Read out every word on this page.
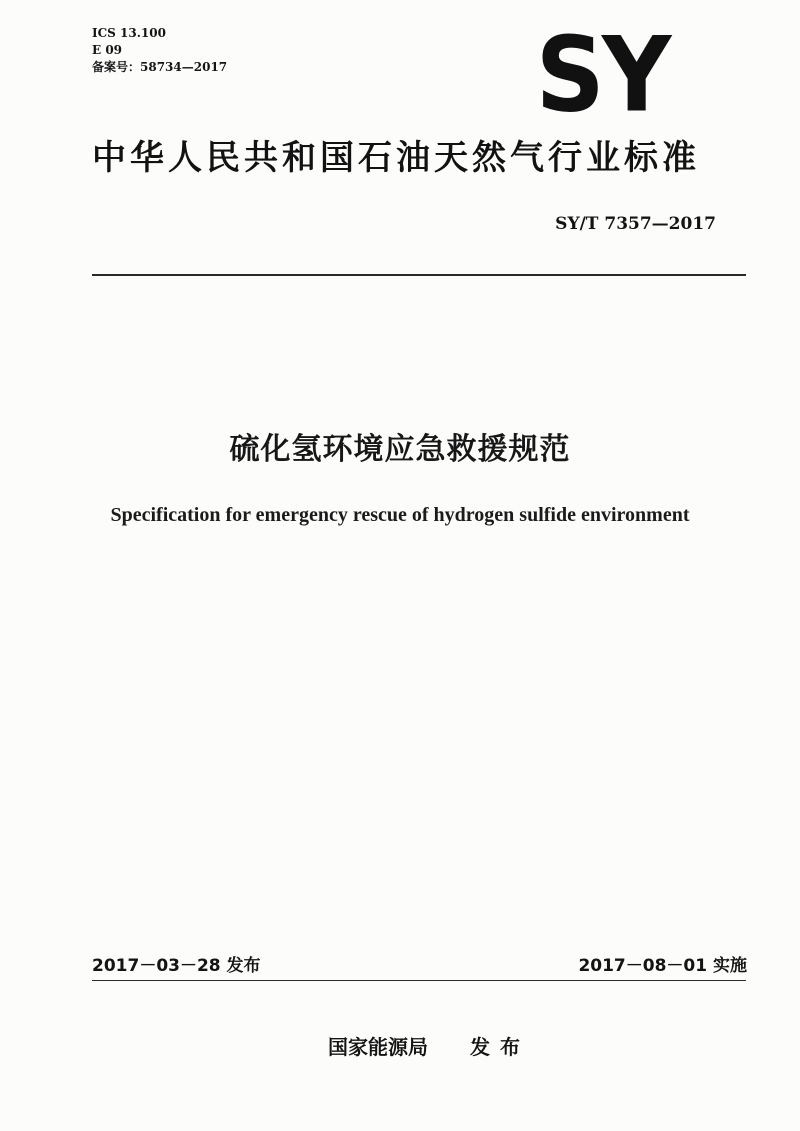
ICS 13.100
E 09
备案号：58734—2017	SY
中华人民共和国石油天然气行业标准
SY/T 7357—2017
硫化氢环境应急救援规范
Specification for emergency rescue of hydrogen sulfide environment
2017－03－28 发布	2017－08－01 实施
国家能源局 发布
